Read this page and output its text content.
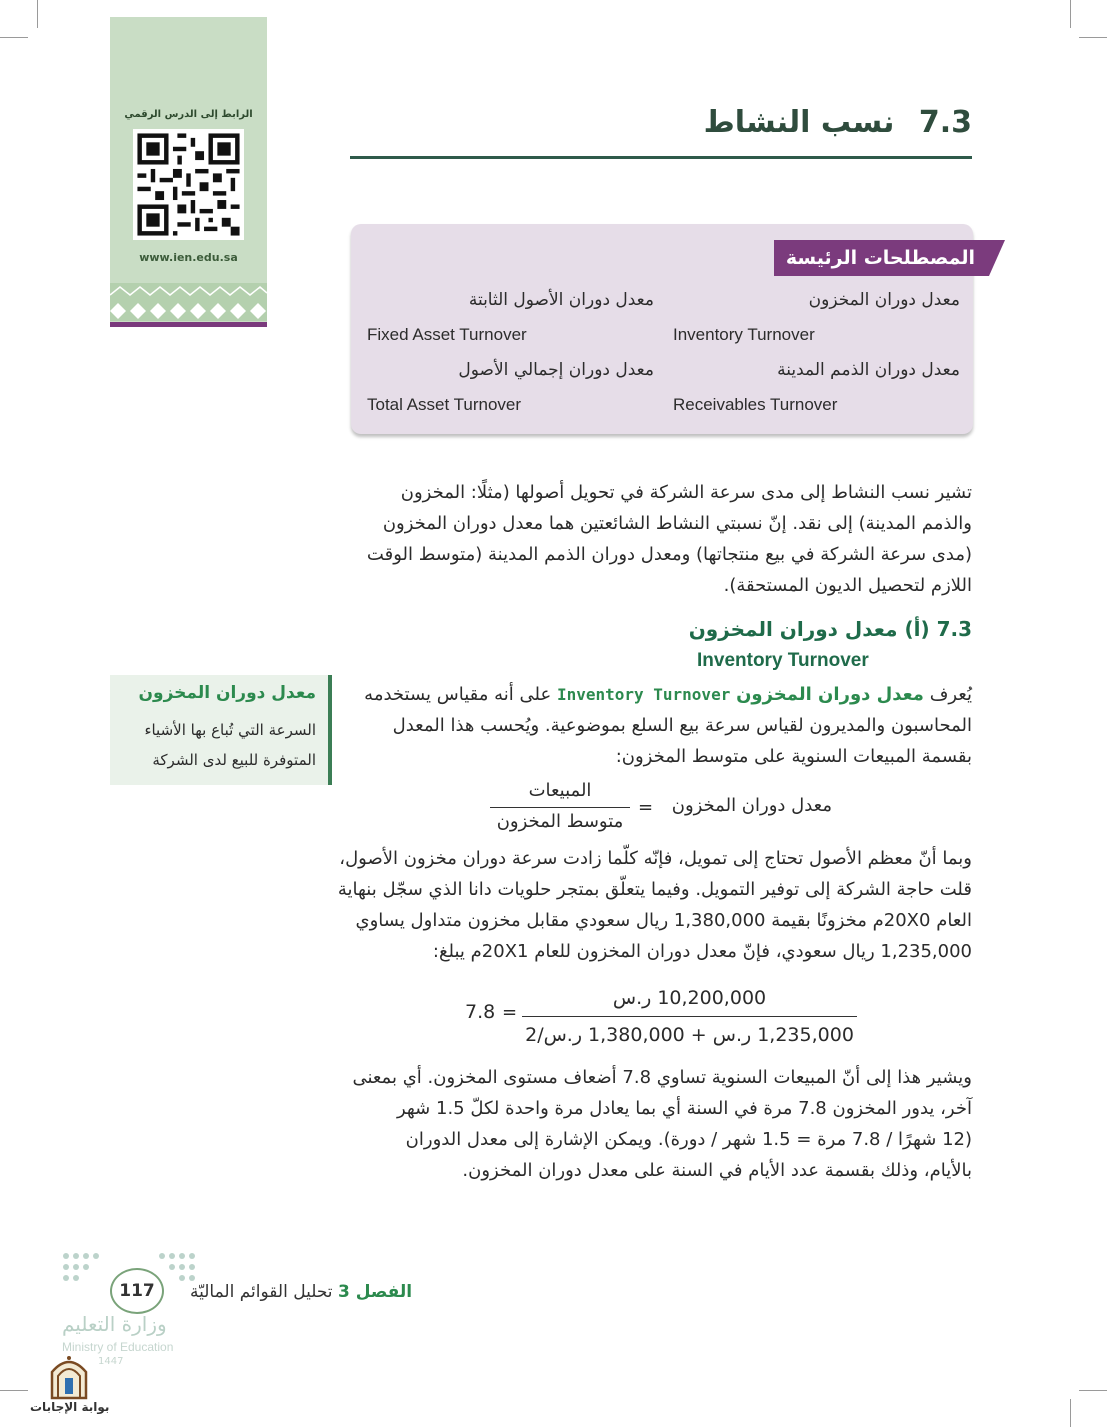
الرابط إلى الدرس الرقمي
www.ien.edu.sa
7.3 نسب النشاط
المصطلحات الرئيسة
معدل دوران المخزون
Inventory Turnover
معدل دوران الأصول الثابتة
Fixed Asset Turnover
معدل دوران الذمم المدينة
Receivables Turnover
معدل دوران إجمالي الأصول
Total Asset Turnover
تشير نسب النشاط إلى مدى سرعة الشركة في تحويل أصولها (مثلًا: المخزون
والذمم المدينة) إلى نقد. إنّ نسبتي النشاط الشائعتين هما معدل دوران المخزون
(مدى سرعة الشركة في بيع منتجاتها) ومعدل دوران الذمم المدينة (متوسط الوقت
اللازم لتحصيل الديون المستحقة).
7.3 (أ) معدل دوران المخزون
Inventory Turnover
يُعرف معدل دوران المخزون Inventory Turnover على أنه مقياس يستخدمه
المحاسبون والمديرون لقياس سرعة بيع السلع بموضوعية. ويُحسب هذا المعدل
بقسمة المبيعات السنوية على متوسط المخزون:
معدل دوران المخزون
السرعة التي تُباع بها الأشياء المتوفرة للبيع لدى الشركة
معدل دوران المخزون
=
المبيعات
متوسط المخزون
وبما أنّ معظم الأصول تحتاج إلى تمويل، فإنّه كلّما زادت سرعة دوران مخزون الأصول،
قلت حاجة الشركة إلى توفير التمويل. وفيما يتعلّق بمتجر حلويات دانا الذي سجّل بنهاية
العام 20X0م مخزونًا بقيمة 1,380,000 ريال سعودي مقابل مخزون متداول يساوي
1,235,000 ريال سعودي، فإنّ معدل دوران المخزون للعام 20X1م يبلغ:
7.8 =
10,200,000 ر.س
1,235,000 ر.س + 1,380,000 ر.س/2
ويشير هذا إلى أنّ المبيعات السنوية تساوي 7.8 أضعاف مستوى المخزون. أي بمعنى
آخر، يدور المخزون 7.8 مرة في السنة أي بما يعادل مرة واحدة لكلّ 1.5 شهر
(12 شهرًا / 7.8 مرة = 1.5 شهر / دورة). ويمكن الإشارة إلى معدل الدوران
بالأيام، وذلك بقسمة عدد الأيام في السنة على معدل دوران المخزون.
117	الفصل 3 تحليل القوائم الماليّة
وزارة التعليم
Ministry of Education
1447
بوابة الإجابات
